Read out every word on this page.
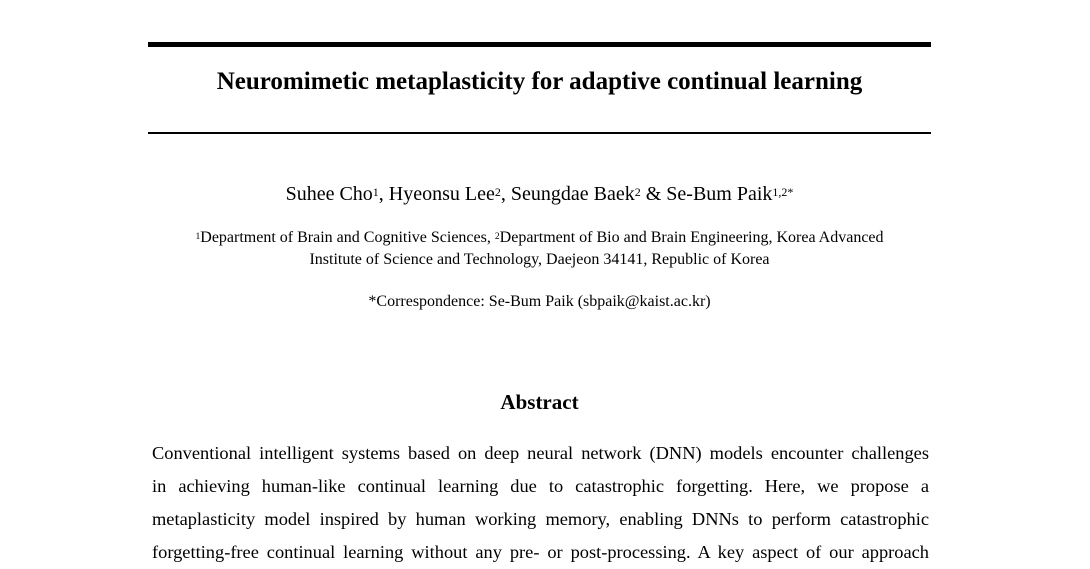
Neuromimetic metaplasticity for adaptive continual learning

Suhee Cho$^1$, Hyeonsu Lee$^2$, Seungdae Baek$^2$ & Se-Bum Paik$^{1,2*}$

$^1$Department of Brain and Cognitive Sciences, $^2$Department of Bio and Brain Engineering, Korea Advanced
Institute of Science and Technology, Daejeon 34141, Republic of Korea

*Correspondence: Se-Bum Paik (sbpaik@kaist.ac.kr)

Abstract
Conventional intelligent systems based on deep neural network (DNN) models encounter challenges
in achieving human-like continual learning due to catastrophic forgetting. Here, we propose a
metaplasticity model inspired by human working memory, enabling DNNs to perform catastrophic
forgetting-free continual learning without any pre- or post-processing. A key aspect of our approach
